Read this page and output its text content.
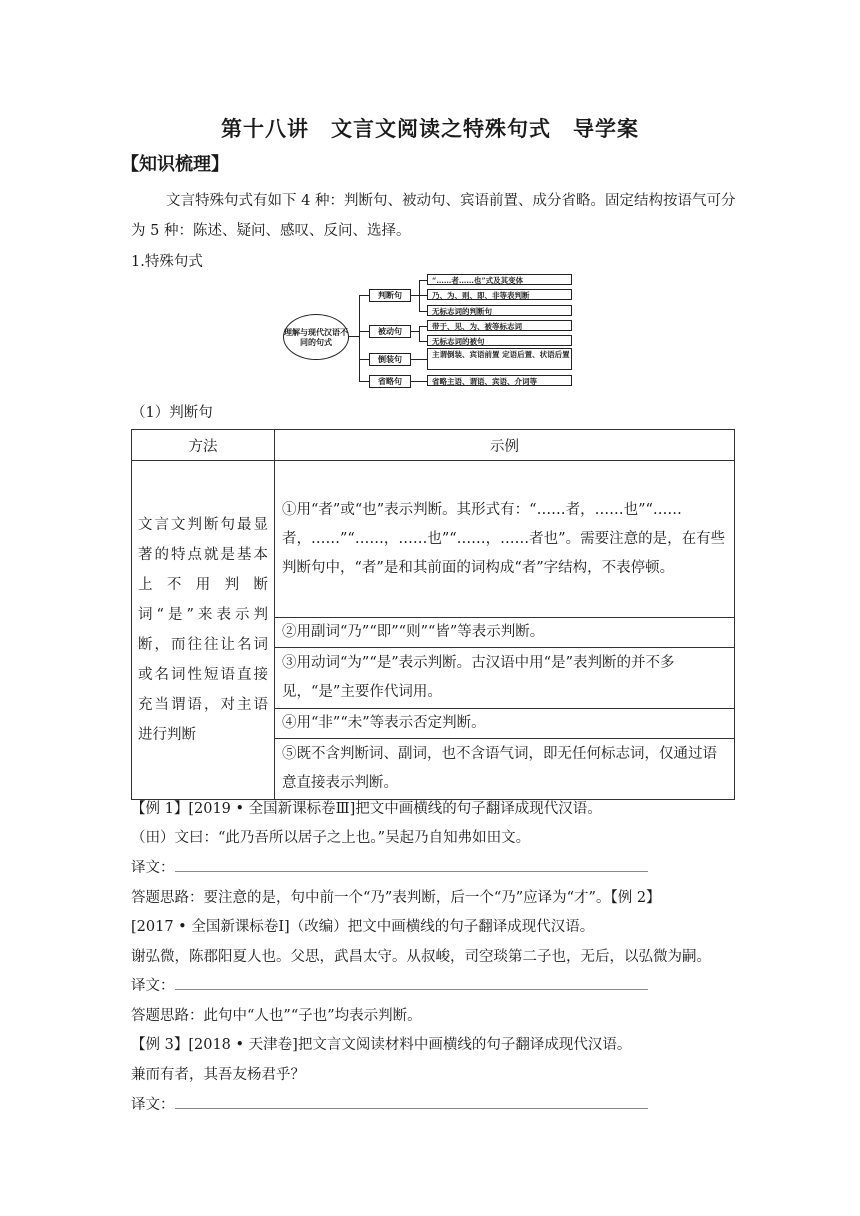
第十八讲　文言文阅读之特殊句式　导学案
【知识梳理】
文言特殊句式有如下 4 种：判断句、被动句、宾语前置、成分省略。固定结构按语气可分为 5 种：陈述、疑问、感叹、反问、选择。
1.特殊句式
理解与现代汉语不同的句式
判断句
被动句
倒装句
省略句
“……者……也”式及其变体
乃、为、则、即、非等表判断
无标志词的判断句
带于、见、为、被等标志词
无标志词的被句
主谓倒装、宾语前置 定语后置、状语后置
省略主语、谓语、宾语、介词等
（1）判断句
方法	示例
文言文判断句最显著的特点就是基本上不用判断词“是”来表示判断，而往往让名词或名词性短语直接充当谓语，对主语进行判断	①用“者”或“也”表示判断。其形式有：“……者，……也”“……者，……”“……，……也”“……，……者也”。需要注意的是，在有些判断句中，“者”是和其前面的词构成“者”字结构，不表停顿。
	②用副词“乃”“即”“则”“皆”等表示判断。
	③用动词“为”“是”表示判断。古汉语中用“是”表判断的并不多见，“是”主要作代词用。
	④用“非”“未”等表示否定判断。
	⑤既不含判断词、副词，也不含语气词，即无任何标志词，仅通过语意直接表示判断。
【例 1】[2019 • 全国新课标卷Ⅲ]把文中画横线的句子翻译成现代汉语。
（田）文曰：“此乃吾所以居子之上也。”吴起乃自知弗如田文。
译文：
答题思路：要注意的是，句中前一个“乃”表判断，后一个“乃”应译为“才”。【例 2】
[2017 • 全国新课标卷Ⅰ]（改编）把文中画横线的句子翻译成现代汉语。
谢弘微，陈郡阳夏人也。父思，武昌太守。从叔峻，司空琰第二子也，无后，以弘微为嗣。
译文：
答题思路：此句中“人也”“子也”均表示判断。
【例 3】[2018 • 天津卷]把文言文阅读材料中画横线的句子翻译成现代汉语。
兼而有者，其吾友杨君乎？
译文：
